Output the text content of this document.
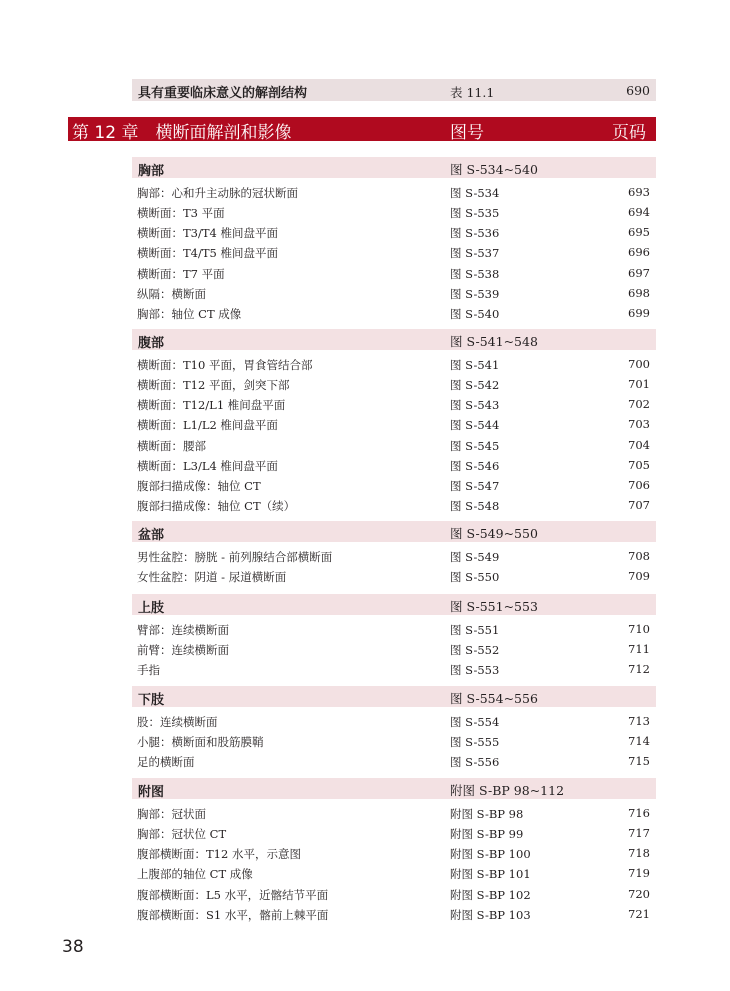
具有重要临床意义的解剖结构	表 11.1	690
第 12 章　横断面解剖和影像	图号	页码
胸部	图 S-534~540
胸部：心和升主动脉的冠状断面	图 S-534	693
横断面：T3 平面	图 S-535	694
横断面：T3/T4 椎间盘平面	图 S-536	695
横断面：T4/T5 椎间盘平面	图 S-537	696
横断面：T7 平面	图 S-538	697
纵隔：横断面	图 S-539	698
胸部：轴位 CT 成像	图 S-540	699
腹部	图 S-541~548
横断面：T10 平面，胃食管结合部	图 S-541	700
横断面：T12 平面，剑突下部	图 S-542	701
横断面：T12/L1 椎间盘平面	图 S-543	702
横断面：L1/L2 椎间盘平面	图 S-544	703
横断面：腰部	图 S-545	704
横断面：L3/L4 椎间盘平面	图 S-546	705
腹部扫描成像：轴位 CT	图 S-547	706
腹部扫描成像：轴位 CT（续）	图 S-548	707
盆部	图 S-549~550
男性盆腔：膀胱 - 前列腺结合部横断面	图 S-549	708
女性盆腔：阴道 - 尿道横断面	图 S-550	709
上肢	图 S-551~553
臂部：连续横断面	图 S-551	710
前臂：连续横断面	图 S-552	711
手指	图 S-553	712
下肢	图 S-554~556
股：连续横断面	图 S-554	713
小腿：横断面和股筋膜鞘	图 S-555	714
足的横断面	图 S-556	715
附图	附图 S-BP 98~112
胸部：冠状面	附图 S-BP 98	716
胸部：冠状位 CT	附图 S-BP 99	717
腹部横断面：T12 水平，示意图	附图 S-BP 100	718
上腹部的轴位 CT 成像	附图 S-BP 101	719
腹部横断面：L5 水平，近髂结节平面	附图 S-BP 102	720
腹部横断面：S1 水平，髂前上棘平面	附图 S-BP 103	721
38
